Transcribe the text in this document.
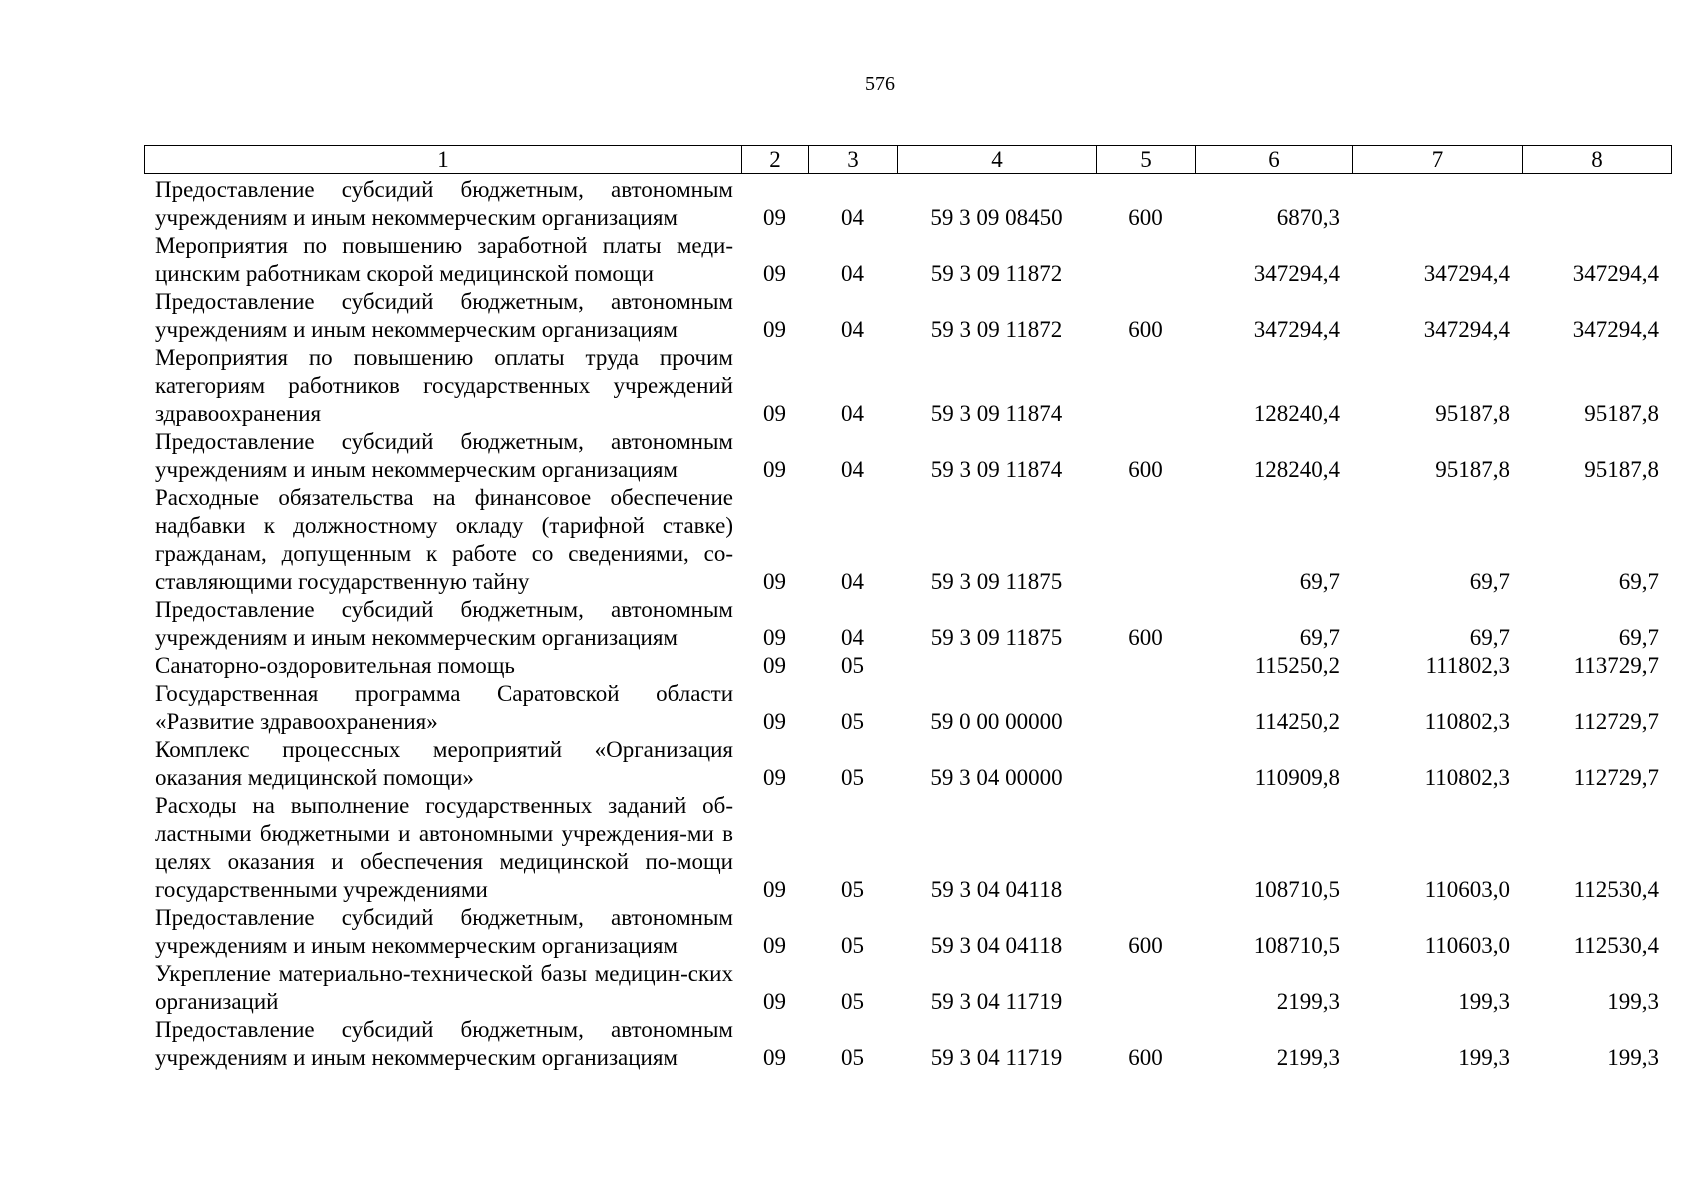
576
1	2	3	4	5	6	7	8
Предоставление субсидий бюджетным, автономным учреждениям и иным некоммерческим организациям	09	04	59 3 09 08450	600	6870,3		
Мероприятия по повышению заработной платы меди-цинским работникам скорой медицинской помощи	09	04	59 3 09 11872		347294,4	347294,4	347294,4
Предоставление субсидий бюджетным, автономным учреждениям и иным некоммерческим организациям	09	04	59 3 09 11872	600	347294,4	347294,4	347294,4
Мероприятия по повышению оплаты труда прочим категориям работников государственных учреждений здравоохранения	09	04	59 3 09 11874		128240,4	95187,8	95187,8
Предоставление субсидий бюджетным, автономным учреждениям и иным некоммерческим организациям	09	04	59 3 09 11874	600	128240,4	95187,8	95187,8
Расходные обязательства на финансовое обеспечение надбавки к должностному окладу (тарифной ставке) гражданам, допущенным к работе со сведениями, со-ставляющими государственную тайну	09	04	59 3 09 11875		69,7	69,7	69,7
Предоставление субсидий бюджетным, автономным учреждениям и иным некоммерческим организациям	09	04	59 3 09 11875	600	69,7	69,7	69,7
Санаторно-оздоровительная помощь	09	05			115250,2	111802,3	113729,7
Государственная программа Саратовской области «Развитие здравоохранения»	09	05	59 0 00 00000		114250,2	110802,3	112729,7
Комплекс процессных мероприятий «Организация оказания медицинской помощи»	09	05	59 3 04 00000		110909,8	110802,3	112729,7
Расходы на выполнение государственных заданий об-ластными бюджетными и автономными учреждения-ми в целях оказания и обеспечения медицинской по-мощи государственными учреждениями	09	05	59 3 04 04118		108710,5	110603,0	112530,4
Предоставление субсидий бюджетным, автономным учреждениям и иным некоммерческим организациям	09	05	59 3 04 04118	600	108710,5	110603,0	112530,4
Укрепление материально-технической базы медицин-ских организаций	09	05	59 3 04 11719		2199,3	199,3	199,3
Предоставление субсидий бюджетным, автономным учреждениям и иным некоммерческим организациям	09	05	59 3 04 11719	600	2199,3	199,3	199,3
